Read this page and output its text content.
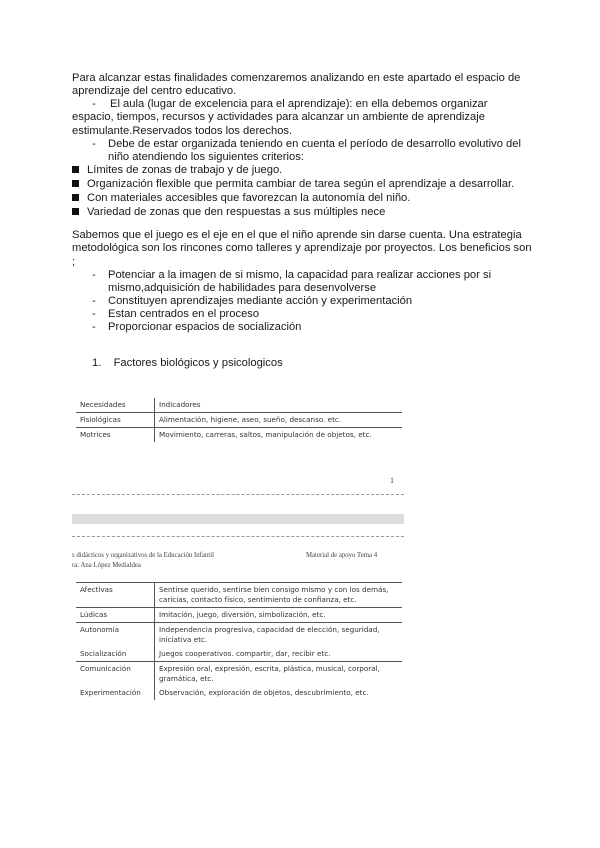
Para alcanzar estas finalidades comenzaremos analizando en este apartado el espacio de aprendizaje del centro educativo.
-	El aula (lugar de excelencia para el aprendizaje): en ella debemos organizar espacio, tiempos, recursos y actividades para alcanzar un ambiente de aprendizaje estimulante.Reservados todos los derechos.
- Debe de estar organizada teniendo en cuenta el período de desarrollo evolutivo del niño atendiendo los siguientes criterios:
Límites de zonas de trabajo y de juego.
Organización flexible que permita cambiar de tarea según el aprendizaje a desarrollar.
Con materiales accesibles que favorezcan la autonomía del niño.
Variedad de zonas que den respuestas a sus múltiples nece
Sabemos que el juego es el eje en el que el niño aprende sin darse cuenta. Una estrategia metodológica son los rincones como talleres y aprendizaje por proyectos. Los beneficios son ;
- Potenciar a la imagen de si mismo, la capacidad para realizar acciones por si mismo,adquisición de habilidades para desenvolverse
- Constituyen aprendizajes mediante acción y experimentación
- Estan centrados en el proceso
- Proporcionar espacios de socialización
1. Factores biológicos y psicologicos
Necesidades	Indicadores
Fisiológicas	Alimentación, higiene, aseo, sueño, descanso. etc.
Motrices	Movimiento, carreras, saltos, manipulación de objetos, etc.
1
s didácticos y organizativos de la Educación Infantil	Material de apoyo Tema 4
ra: Ana López Medialdea
Afectivas	Sentirse querido, sentirse bien consigo mismo y con los demás, caricias, contacto físico, sentimiento de confianza, etc.
Lúdicas	Imitación, juego, diversión, simbolización, etc.
Autonomía	Independencia progresiva, capacidad de elección, seguridad, iniciativa etc.
Socialización	Juegos cooperativos. compartir, dar, recibir etc.
Comunicación	Expresión oral, expresión, escrita, plástica, musical, corporal, gramática, etc.
Experimentación	Observación, exploración de objetos, descubrimiento, etc.
